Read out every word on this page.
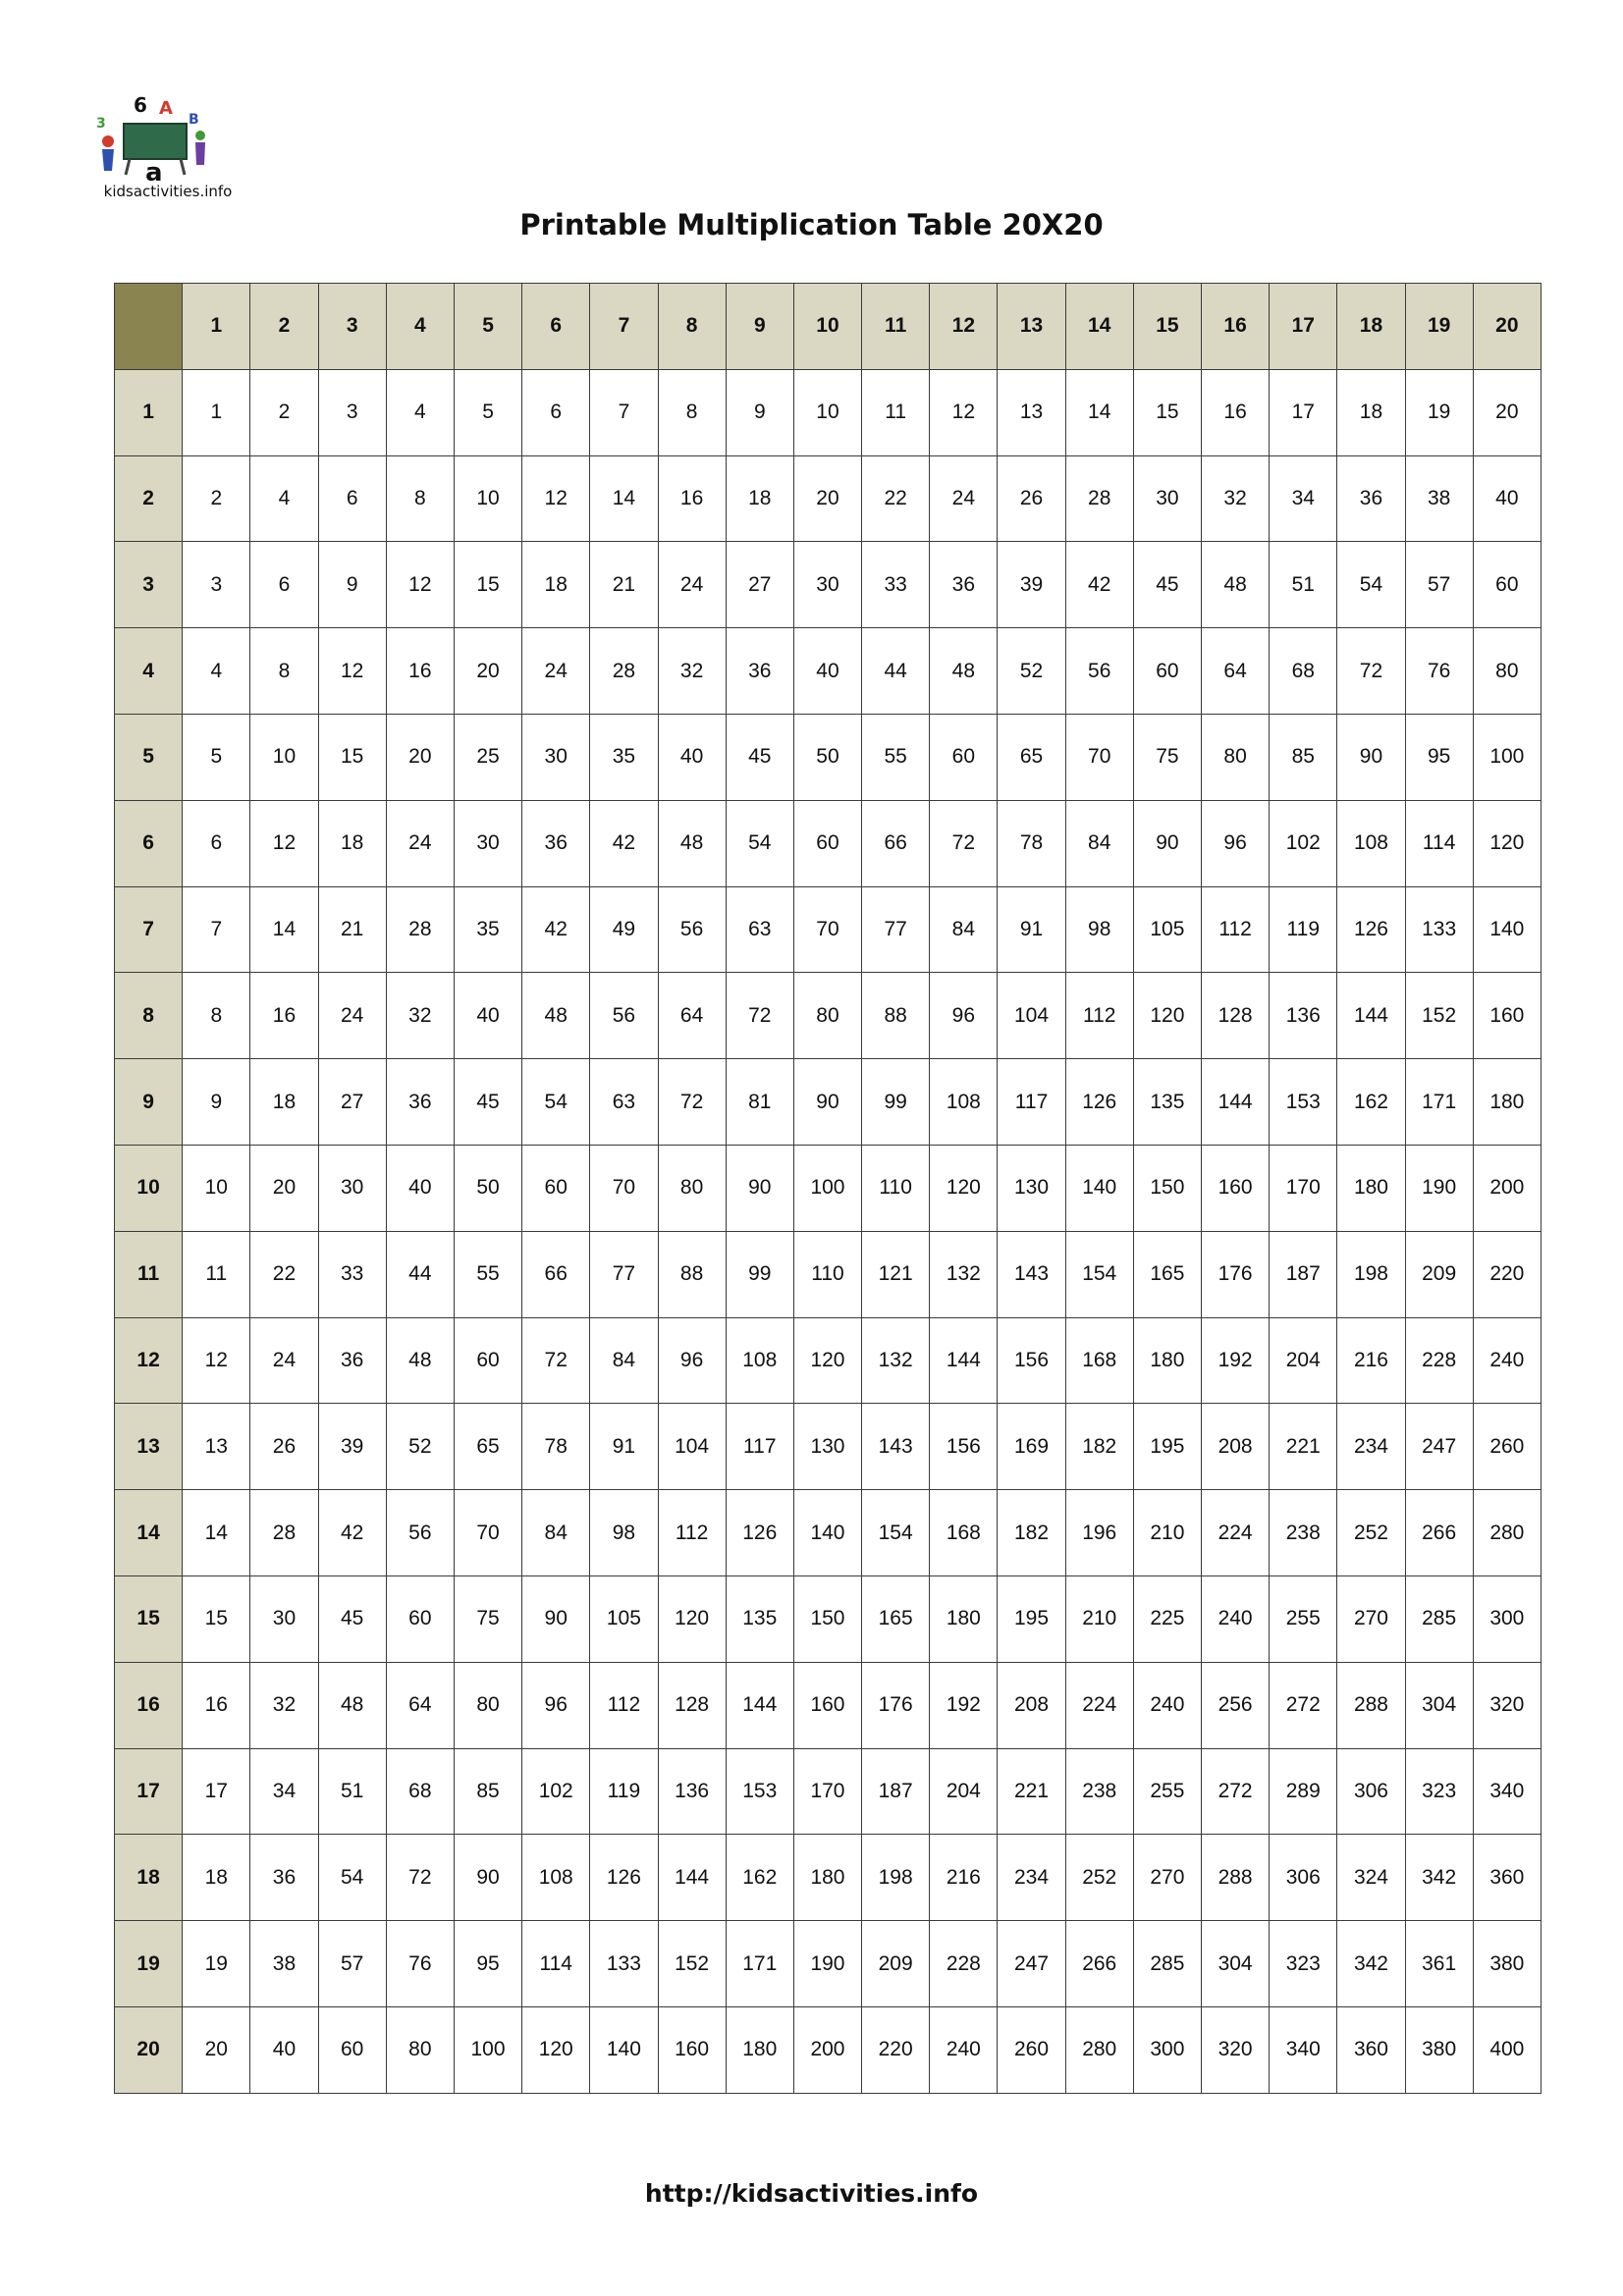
6 A
3	B
a
kidsactivities.info
Printable Multiplication Table 20X20
	1	2	3	4	5	6	7	8	9	10	11	12	13	14	15	16	17	18	19	20
1	1	2	3	4	5	6	7	8	9	10	11	12	13	14	15	16	17	18	19	20
2	2	4	6	8	10	12	14	16	18	20	22	24	26	28	30	32	34	36	38	40
3	3	6	9	12	15	18	21	24	27	30	33	36	39	42	45	48	51	54	57	60
4	4	8	12	16	20	24	28	32	36	40	44	48	52	56	60	64	68	72	76	80
5	5	10	15	20	25	30	35	40	45	50	55	60	65	70	75	80	85	90	95	100
6	6	12	18	24	30	36	42	48	54	60	66	72	78	84	90	96	102	108	114	120
7	7	14	21	28	35	42	49	56	63	70	77	84	91	98	105	112	119	126	133	140
8	8	16	24	32	40	48	56	64	72	80	88	96	104	112	120	128	136	144	152	160
9	9	18	27	36	45	54	63	72	81	90	99	108	117	126	135	144	153	162	171	180
10	10	20	30	40	50	60	70	80	90	100	110	120	130	140	150	160	170	180	190	200
11	11	22	33	44	55	66	77	88	99	110	121	132	143	154	165	176	187	198	209	220
12	12	24	36	48	60	72	84	96	108	120	132	144	156	168	180	192	204	216	228	240
13	13	26	39	52	65	78	91	104	117	130	143	156	169	182	195	208	221	234	247	260
14	14	28	42	56	70	84	98	112	126	140	154	168	182	196	210	224	238	252	266	280
15	15	30	45	60	75	90	105	120	135	150	165	180	195	210	225	240	255	270	285	300
16	16	32	48	64	80	96	112	128	144	160	176	192	208	224	240	256	272	288	304	320
17	17	34	51	68	85	102	119	136	153	170	187	204	221	238	255	272	289	306	323	340
18	18	36	54	72	90	108	126	144	162	180	198	216	234	252	270	288	306	324	342	360
19	19	38	57	76	95	114	133	152	171	190	209	228	247	266	285	304	323	342	361	380
20	20	40	60	80	100	120	140	160	180	200	220	240	260	280	300	320	340	360	380	400
http://kidsactivities.info
